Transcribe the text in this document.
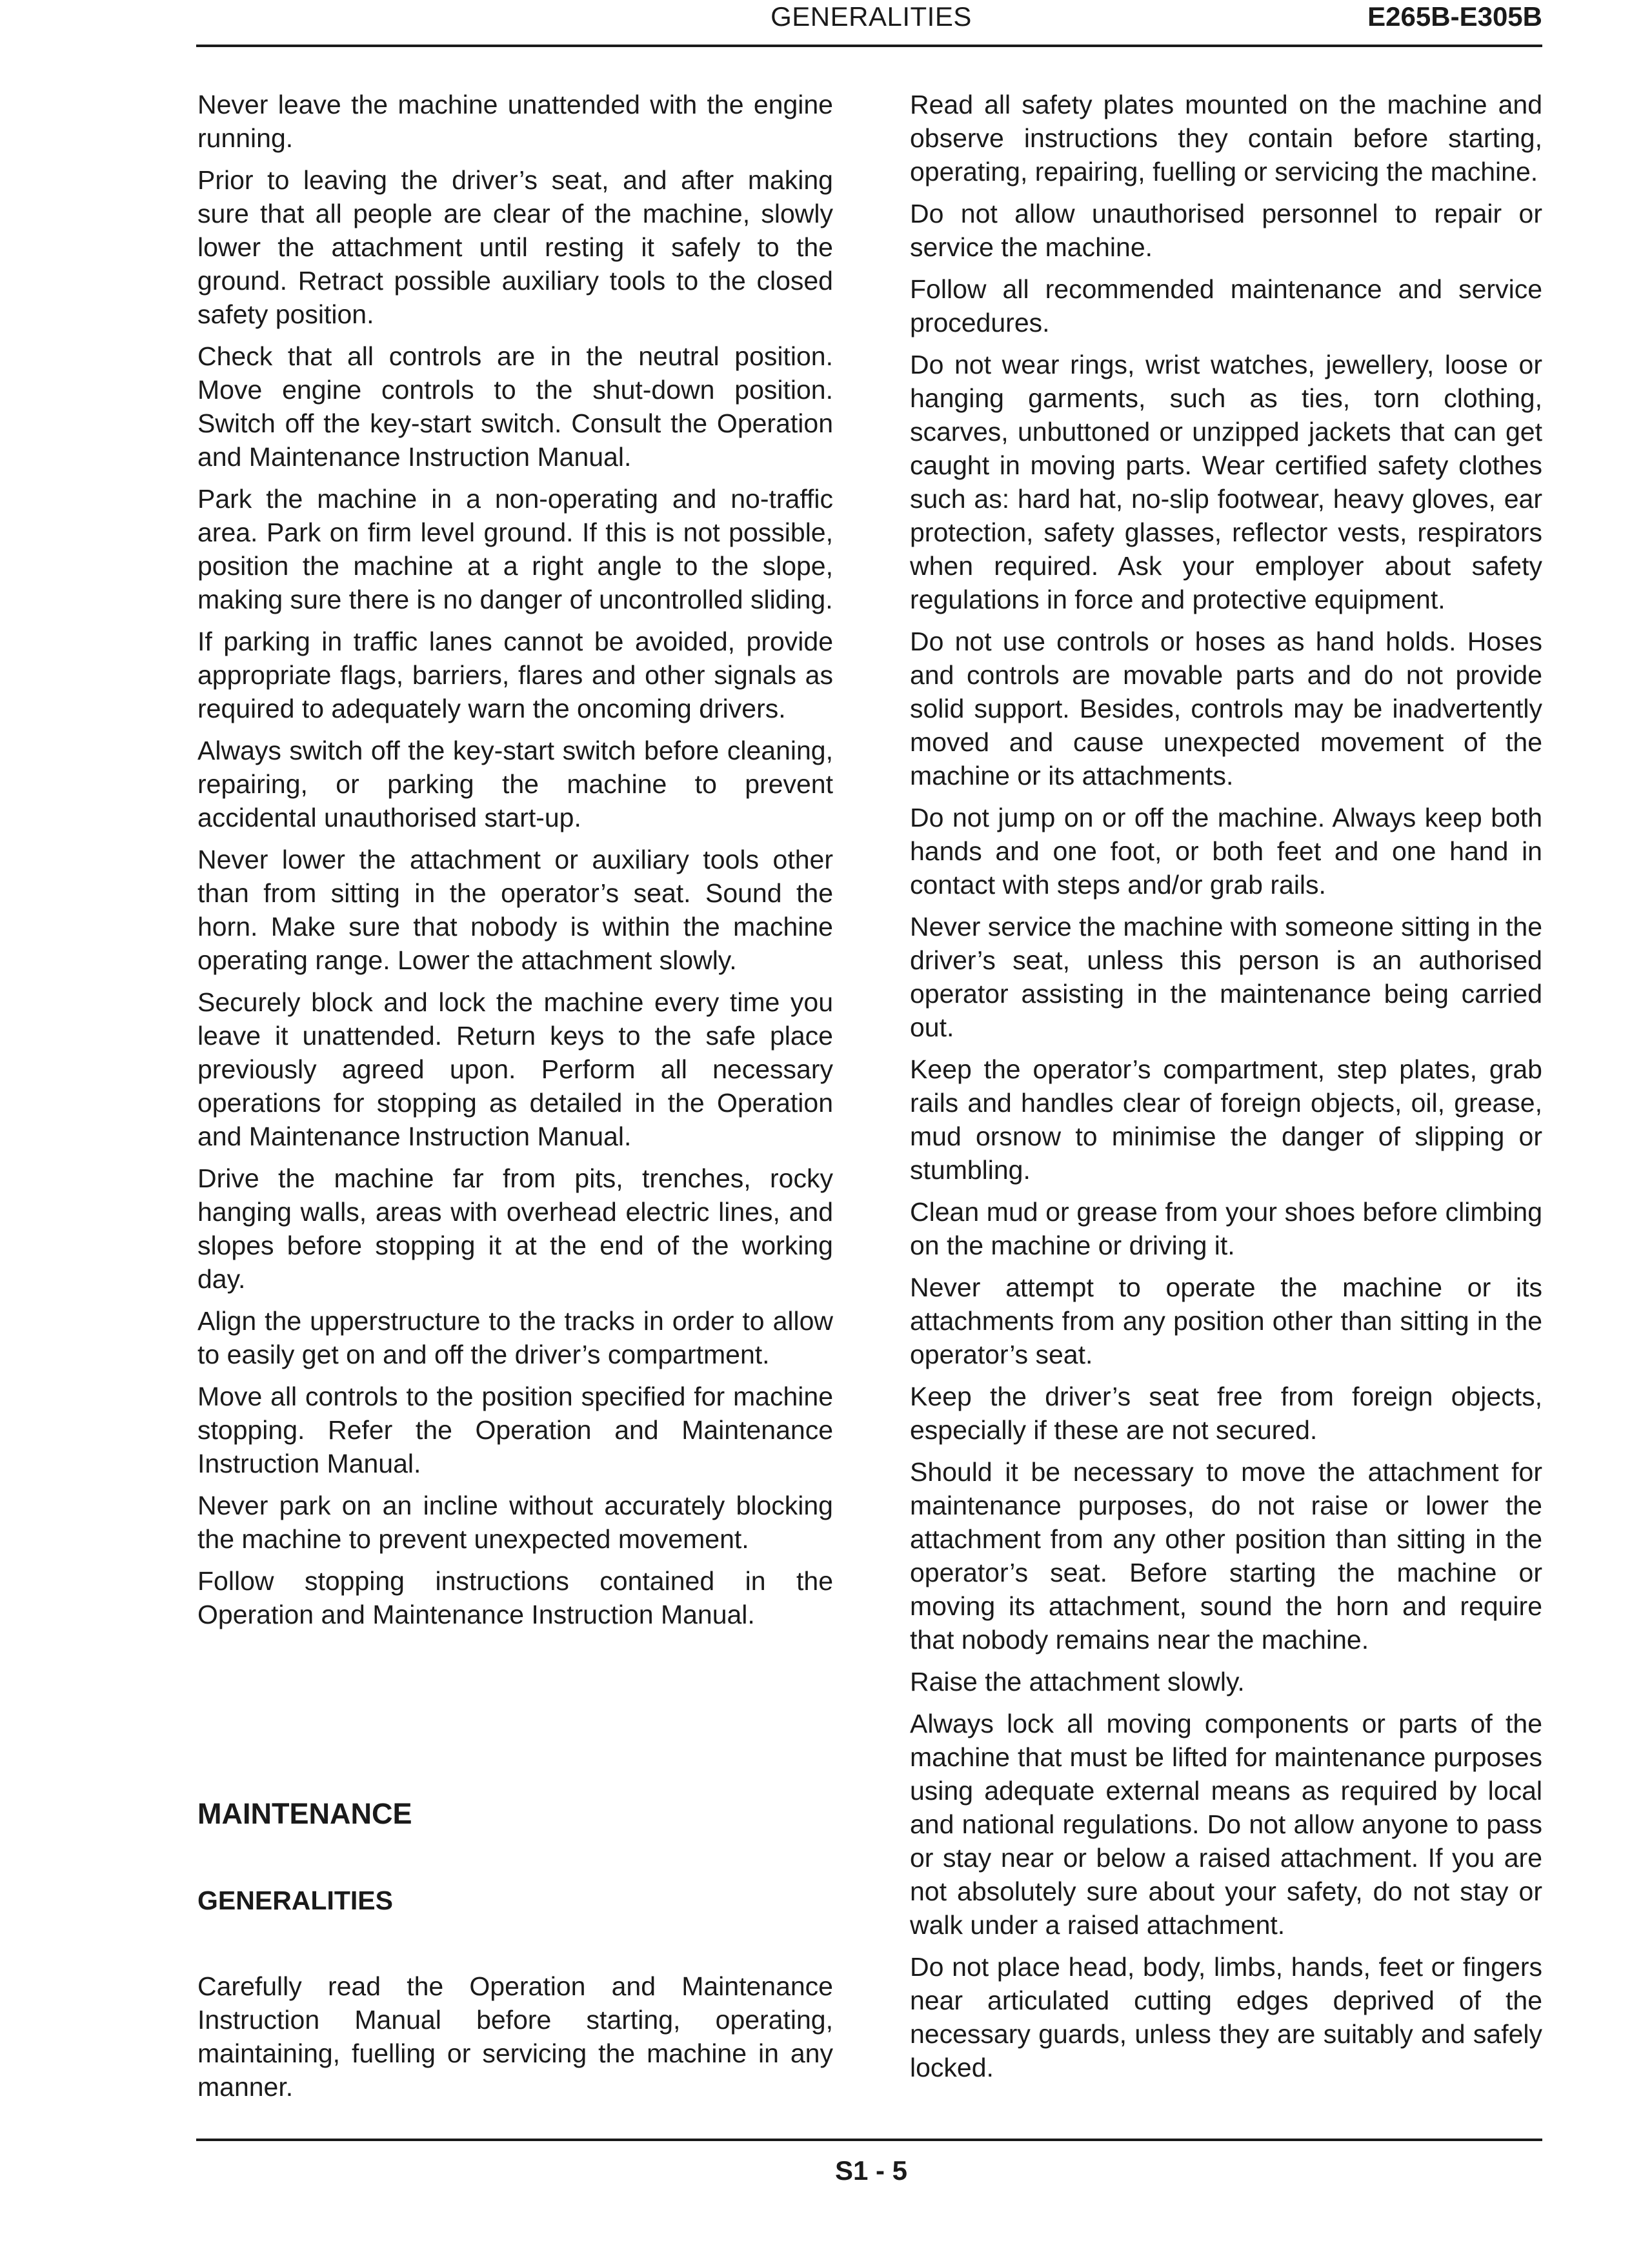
GENERALITIES	E265B-E305B

Never leave the machine unattended with the engine running.

Prior to leaving the driver’s seat, and after making sure that all people are clear of the machine, slowly lower the attachment until resting it safely to the ground. Retract possible auxiliary tools to the closed safety position.

Check that all controls are in the neutral position. Move engine controls to the shut-down position. Switch off the key-start switch. Consult the Operation and Maintenance Instruction Manual.

Park the machine in a non-operating and no-traffic area. Park on firm level ground. If this is not possible, position the machine at a right angle to the slope, making sure there is no danger of uncontrolled sliding.

If parking in traffic lanes cannot be avoided, provide appropriate flags, barriers, flares and other signals as required to adequately warn the oncoming drivers.

Always switch off the key-start switch before cleaning, repairing, or parking the machine to prevent accidental unauthorised start-up.

Never lower the attachment or auxiliary tools other than from sitting in the operator’s seat. Sound the horn. Make sure that nobody is within the machine operating range. Lower the attachment slowly.

Securely block and lock the machine every time you leave it unattended. Return keys to the safe place previously agreed upon. Perform all necessary operations for stopping as detailed in the Operation and Maintenance Instruction Manual.

Drive the machine far from pits, trenches, rocky hanging walls, areas with overhead electric lines, and slopes before stopping it at the end of the working day.

Align the upperstructure to the tracks in order to allow to easily get on and off the driver’s compartment.

Move all controls to the position specified for machine stopping. Refer the Operation and Maintenance Instruction Manual.

Never park on an incline without accurately blocking the machine to prevent unexpected movement.

Follow stopping instructions contained in the Operation and Maintenance Instruction Manual.

MAINTENANCE
GENERALITIES

Carefully read the Operation and Maintenance Instruction Manual before starting, operating, maintaining, fuelling or servicing the machine in any manner.

Read all safety plates mounted on the machine and observe instructions they contain before starting, operating, repairing, fuelling or servicing the machine.

Do not allow unauthorised personnel to repair or service the machine.

Follow all recommended maintenance and service procedures.

Do not wear rings, wrist watches, jewellery, loose or hanging garments, such as ties, torn clothing, scarves, unbuttoned or unzipped jackets that can get caught in moving parts. Wear certified safety clothes such as: hard hat, no-slip footwear, heavy gloves, ear protection, safety glasses, reflector vests, respirators when required. Ask your employer about safety regulations in force and protective equipment.

Do not use controls or hoses as hand holds. Hoses and controls are movable parts and do not provide solid support. Besides, controls may be inadvertently moved and cause unexpected movement of the machine or its attachments.

Do not jump on or off the machine. Always keep both hands and one foot, or both feet and one hand in contact with steps and/or grab rails.

Never service the machine with someone sitting in the driver’s seat, unless this person is an authorised operator assisting in the maintenance being carried out.

Keep the operator’s compartment, step plates, grab rails and handles clear of foreign objects, oil, grease, mud orsnow to minimise the danger of slipping or stumbling.

Clean mud or grease from your shoes before climbing on the machine or driving it.

Never attempt to operate the machine or its attachments from any position other than sitting in the operator’s seat.

Keep the driver’s seat free from foreign objects, especially if these are not secured.

Should it be necessary to move the attachment for maintenance purposes, do not raise or lower the attachment from any other position than sitting in the operator’s seat. Before starting the machine or moving its attachment, sound the horn and require that nobody remains near the machine.

Raise the attachment slowly.

Always lock all moving components or parts of the machine that must be lifted for maintenance purposes using adequate external means as required by local and national regulations. Do not allow anyone to pass or stay near or below a raised attachment. If you are not absolutely sure about your safety, do not stay or walk under a raised attachment.

Do not place head, body, limbs, hands, feet or fingers near articulated cutting edges deprived of the necessary guards, unless they are suitably and safely locked.

S1 - 5
